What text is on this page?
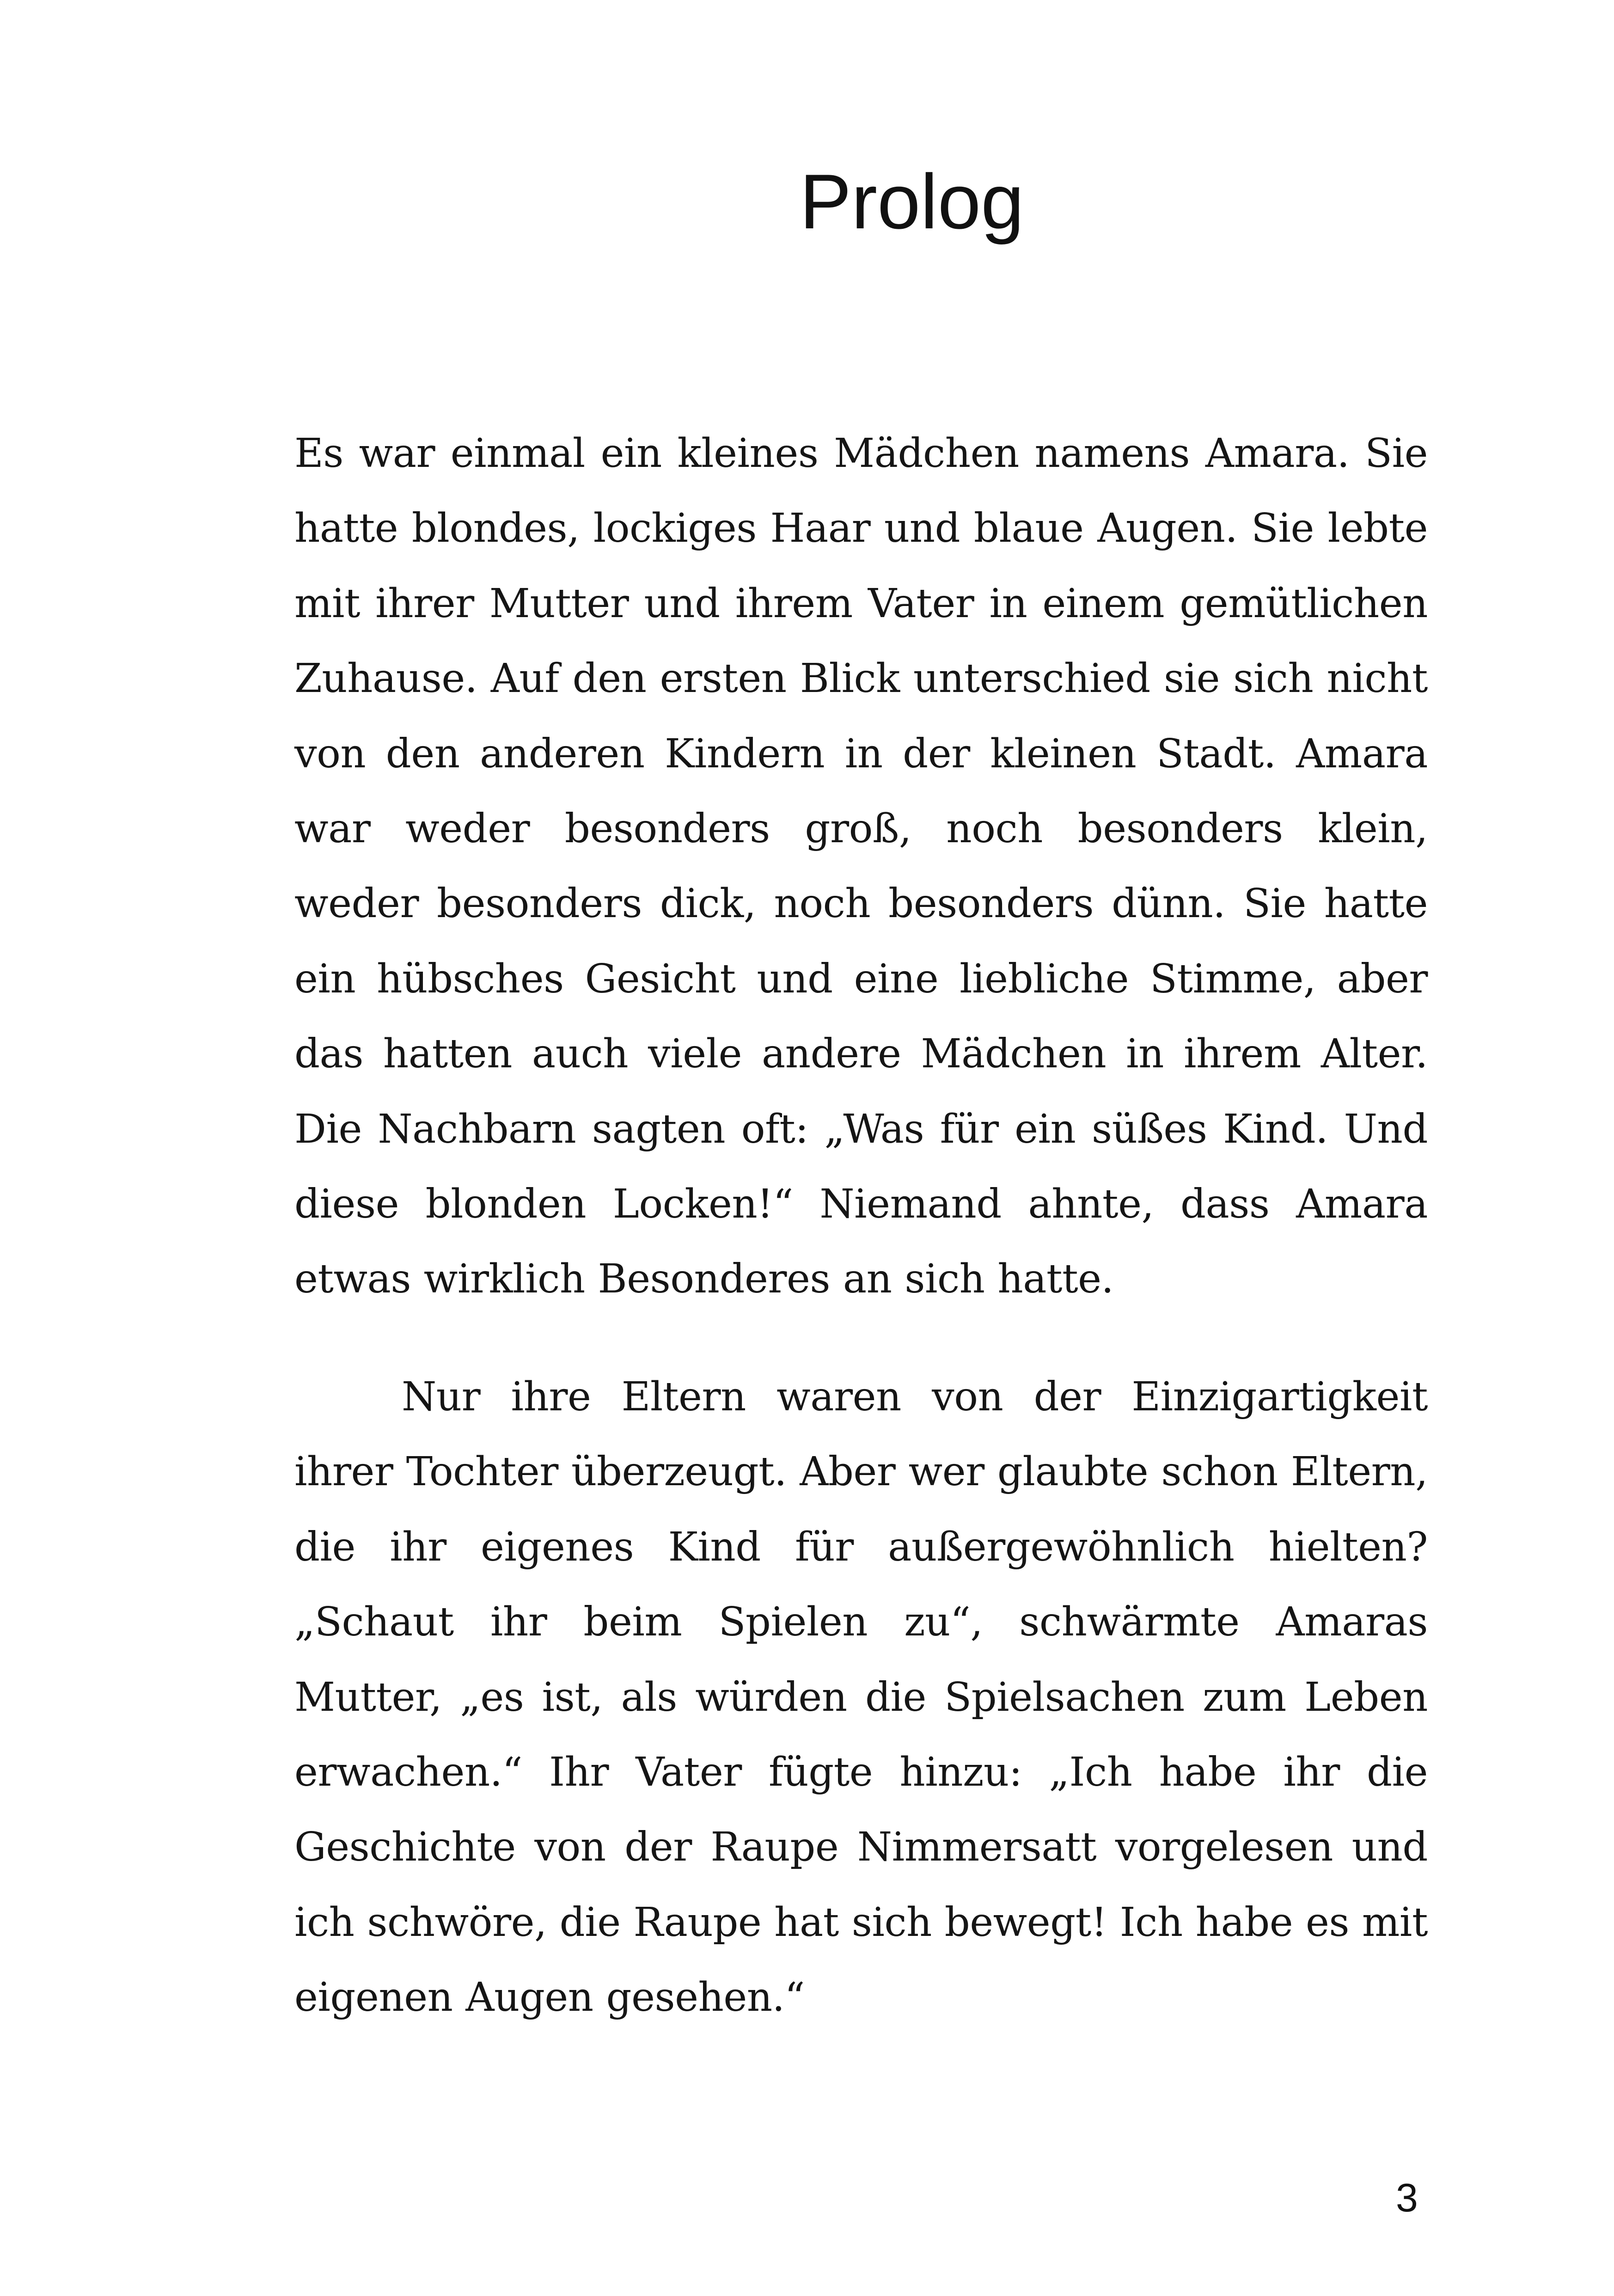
Prolog

Es war einmal ein kleines Mädchen namens Amara. Sie hatte blondes, lockiges Haar und blaue Augen. Sie lebte mit ihrer Mutter und ihrem Vater in einem gemütlichen Zuhause. Auf den ersten Blick unterschied sie sich nicht von den anderen Kindern in der kleinen Stadt. Amara war weder besonders groß, noch besonders klein, weder besonders dick, noch besonders dünn. Sie hatte ein hübsches Gesicht und eine liebliche Stimme, aber das hatten auch viele andere Mädchen in ihrem Alter. Die Nachbarn sagten oft: „Was für ein süßes Kind. Und diese blonden Locken!“ Niemand ahnte, dass Amara etwas wirklich Besonderes an sich hatte.

Nur ihre Eltern waren von der Einzigartigkeit ihrer Tochter überzeugt. Aber wer glaubte schon Eltern, die ihr eigenes Kind für außergewöhnlich hielten? „Schaut ihr beim Spielen zu“, schwärmte Amaras Mutter, „es ist, als würden die Spielsachen zum Leben erwachen.“ Ihr Vater fügte hinzu: „Ich habe ihr die Geschichte von der Raupe Nimmersatt vorgelesen und ich schwöre, die Raupe hat sich bewegt! Ich habe es mit eigenen Augen gesehen.“

3
